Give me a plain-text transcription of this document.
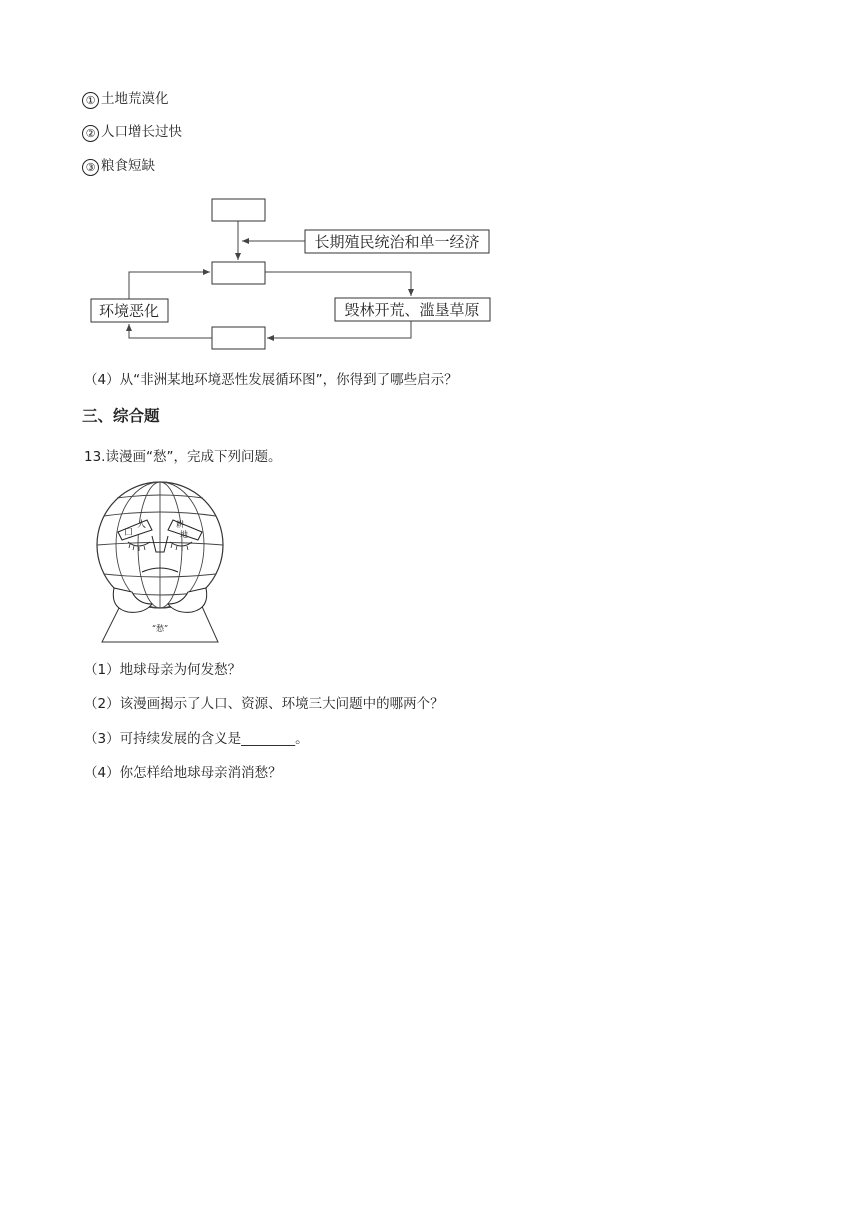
① 土地荒漠化
② 人口增长过快
③ 粮食短缺
长期殖民统治和单一经济
环境恶化	毁林开荒、滥垦草原
（4）从“非洲某地环境恶性发展循环图”，你得到了哪些启示？
三、综合题
13.读漫画“愁”，完成下列问题。
“愁”
口
人	耕
地
（1）地球母亲为何发愁？
（2）该漫画揭示了人口、资源、环境三大问题中的哪两个？
（3）可持续发展的含义是________。
（4）你怎样给地球母亲消消愁？
